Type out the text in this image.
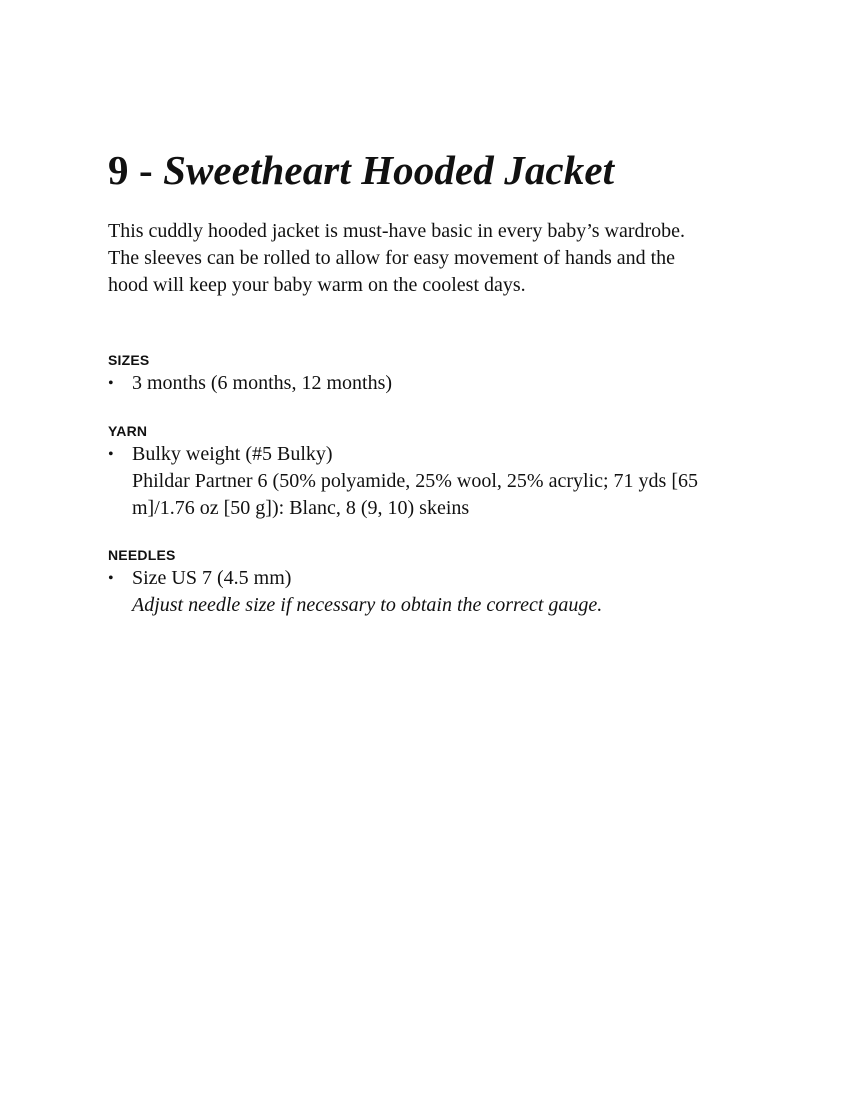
9 - Sweetheart Hooded Jacket

This cuddly hooded jacket is must-have basic in every baby’s wardrobe.
The sleeves can be rolled to allow for easy movement of hands and the
hood will keep your baby warm on the coolest days.

SIZES
• 3 months (6 months, 12 months)
YARN
• Bulky weight (#5 Bulky)
Phildar Partner 6 (50% polyamide, 25% wool, 25% acrylic; 71 yds [65
m]/1.76 oz [50 g]): Blanc, 8 (9, 10) skeins
NEEDLES
• Size US 7 (4.5 mm)
Adjust needle size if necessary to obtain the correct gauge.
